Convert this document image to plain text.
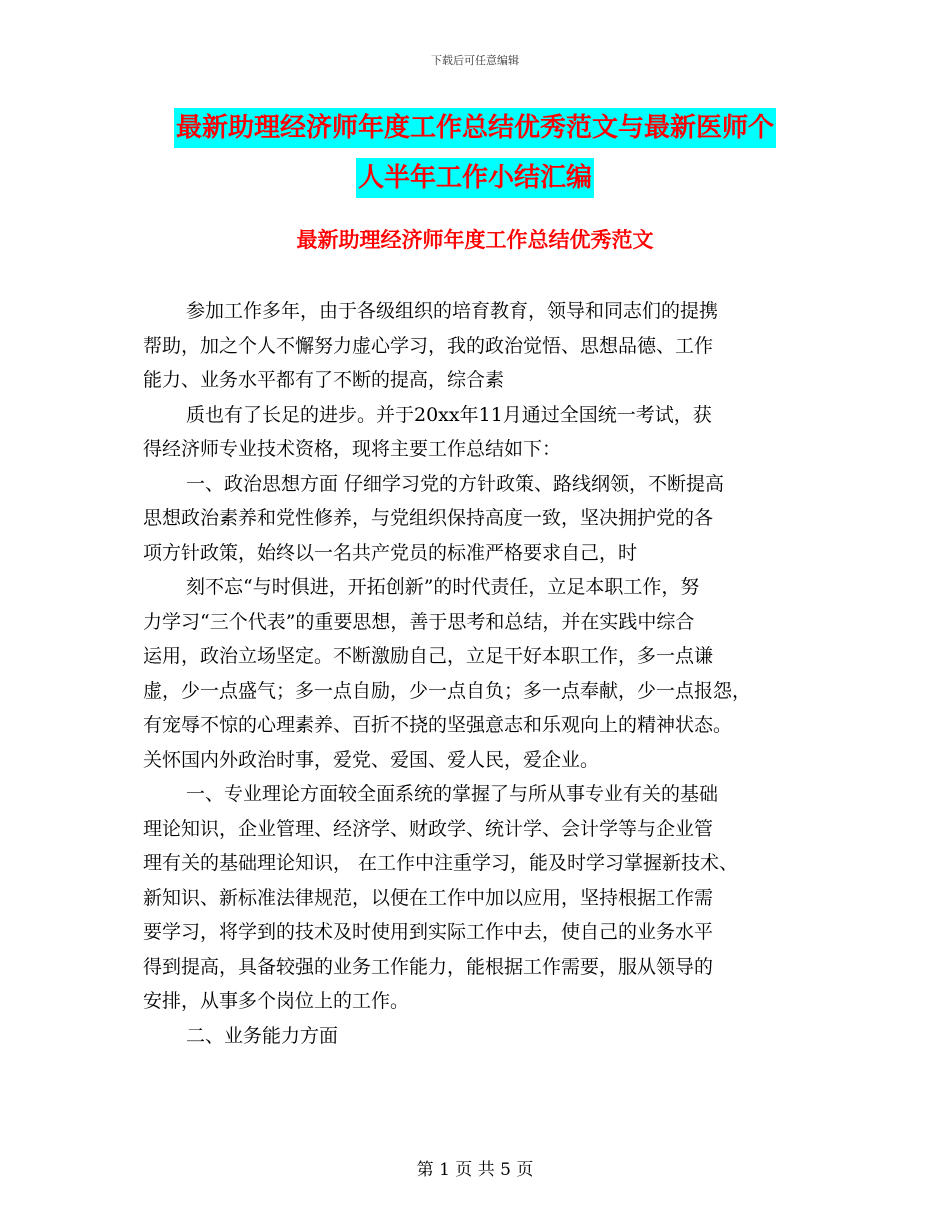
下载后可任意编辑
最新助理经济师年度工作总结优秀范文与最新医师个
人半年工作小结汇编
最新助理经济师年度工作总结优秀范文
参加工作多年，由于各级组织的培育教育，领导和同志们的提携
帮助，加之个人不懈努力虚心学习，我的政治觉悟、思想品德、工作
能力、业务水平都有了不断的提高，综合素
质也有了长足的进步。并于20xx年11月通过全国统一考试，获
得经济师专业技术资格，现将主要工作总结如下：
一、政治思想方面 仔细学习党的方针政策、路线纲领，不断提高
思想政治素养和党性修养，与党组织保持高度一致，坚决拥护党的各
项方针政策，始终以一名共产党员的标准严格要求自己，时
刻不忘“与时俱进，开拓创新”的时代责任，立足本职工作，努
力学习“三个代表”的重要思想，善于思考和总结，并在实践中综合
运用，政治立场坚定。不断激励自己，立足干好本职工作，多一点谦
虚，少一点盛气；多一点自励，少一点自负；多一点奉献，少一点报怨，
有宠辱不惊的心理素养、百折不挠的坚强意志和乐观向上的精神状态。
关怀国内外政治时事，爱党、爱国、爱人民，爱企业。
一、专业理论方面较全面系统的掌握了与所从事专业有关的基础
理论知识，企业管理、经济学、财政学、统计学、会计学等与企业管
理有关的基础理论知识， 在工作中注重学习，能及时学习掌握新技术、
新知识、新标准法律规范，以便在工作中加以应用，坚持根据工作需
要学习，将学到的技术及时使用到实际工作中去，使自己的业务水平
得到提高，具备较强的业务工作能力，能根据工作需要，服从领导的
安排，从事多个岗位上的工作。
二、业务能力方面
第 1 页 共 5 页
